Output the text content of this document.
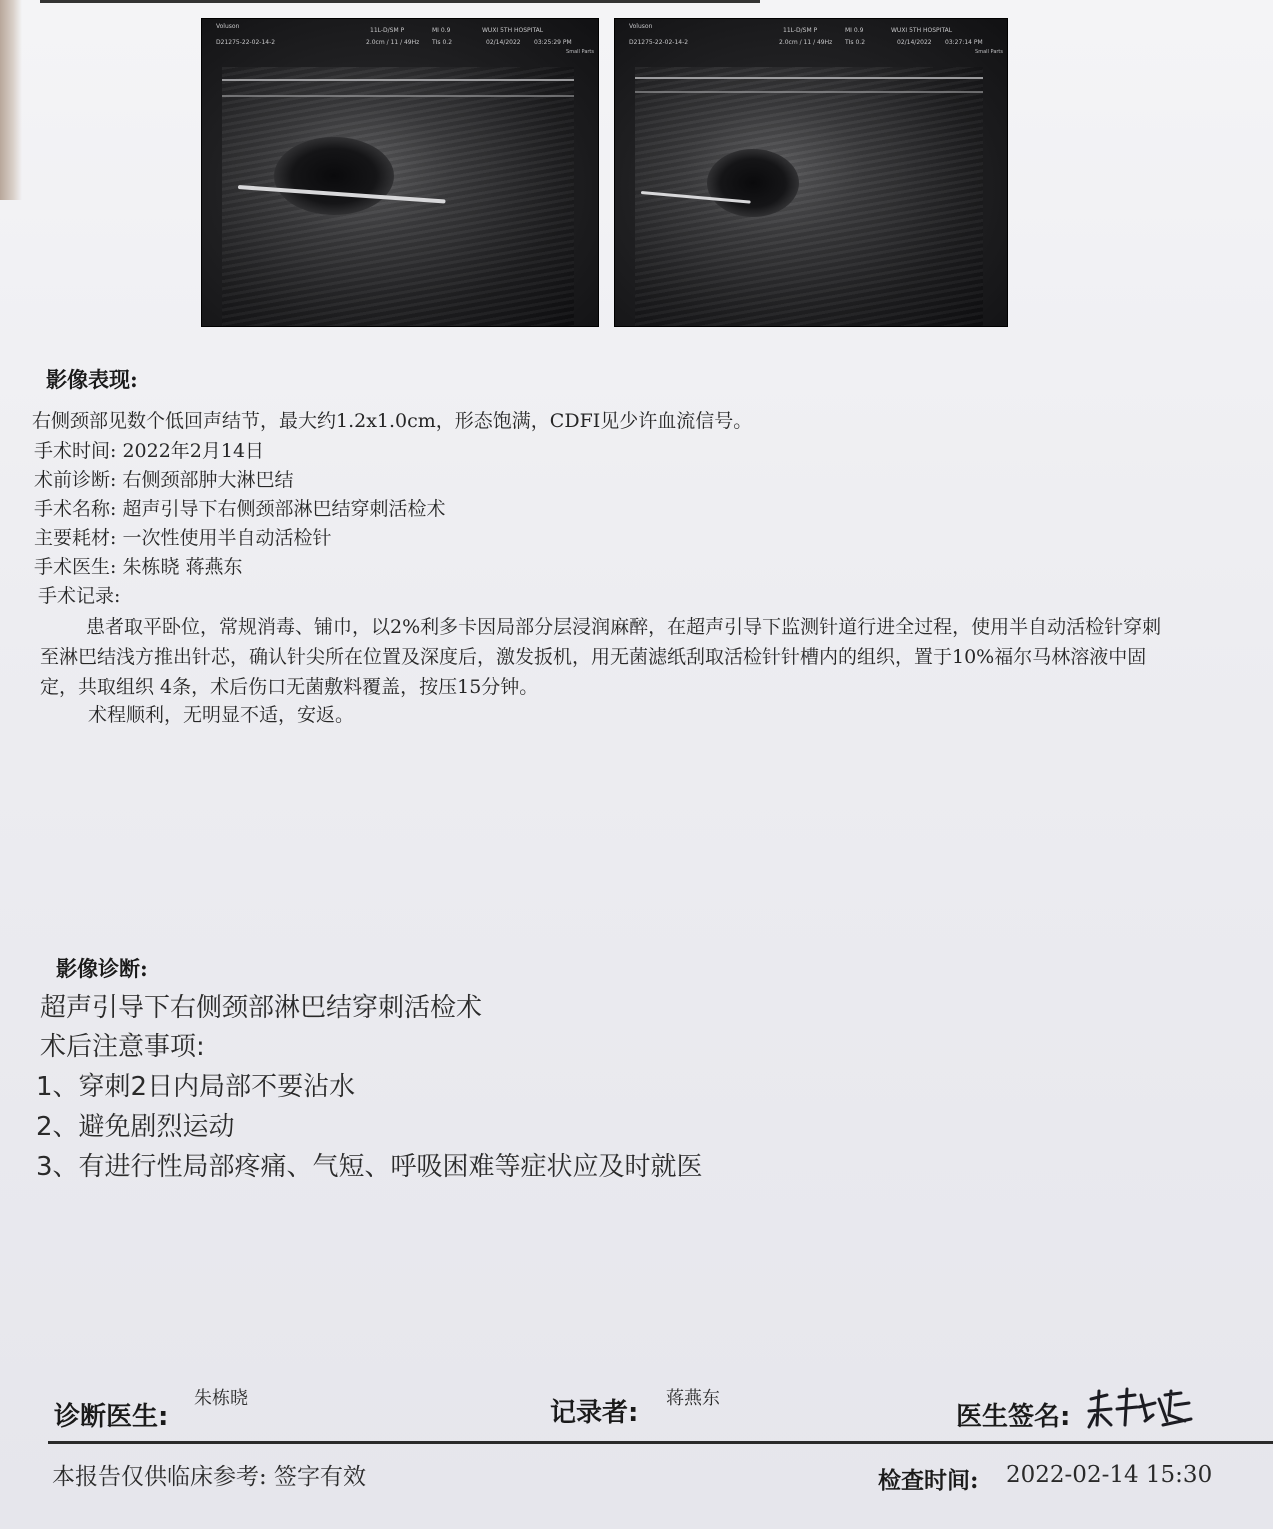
Voluson
D21275-22-02-14-2
11L-D/SM P
2.0cm / 11 / 49Hz
MI 0.9
TIs 0.2
WUXI 5TH HOSPITAL
02/14/2022 03:25:29 PM
Small Parts
Voluson
D21275-22-02-14-2
11L-D/SM P
2.0cm / 11 / 49Hz
MI 0.9
TIs 0.2
WUXI 5TH HOSPITAL
02/14/2022 03:27:14 PM
Small Parts
影像表现:
右侧颈部见数个低回声结节，最大约1.2x1.0cm，形态饱满，CDFI见少许血流信号。
手术时间: 2022年2月14日
术前诊断: 右侧颈部肿大淋巴结
手术名称: 超声引导下右侧颈部淋巴结穿刺活检术
主要耗材: 一次性使用半自动活检针
手术医生: 朱栋晓 蒋燕东
手术记录:
患者取平卧位，常规消毒、铺巾，以2%利多卡因局部分层浸润麻醉，在超声引导下监测针道行进全过程，使用半自动活检针穿刺至淋巴结浅方推出针芯，确认针尖所在位置及深度后，激发扳机，用无菌滤纸刮取活检针针槽内的组织，置于10%福尔马林溶液中固定，共取组织 4条，术后伤口无菌敷料覆盖，按压15分钟。
术程顺利，无明显不适，安返。
影像诊断:
超声引导下右侧颈部淋巴结穿刺活检术
术后注意事项:
1、穿刺2日内局部不要沾水
2、避免剧烈运动
3、有进行性局部疼痛、气短、呼吸困难等症状应及时就医
诊断医生:
朱栋晓	记录者: 蒋燕东
医生签名:
本报告仅供临床参考: 签字有效	检查时间: 2022-02-14 15:30
